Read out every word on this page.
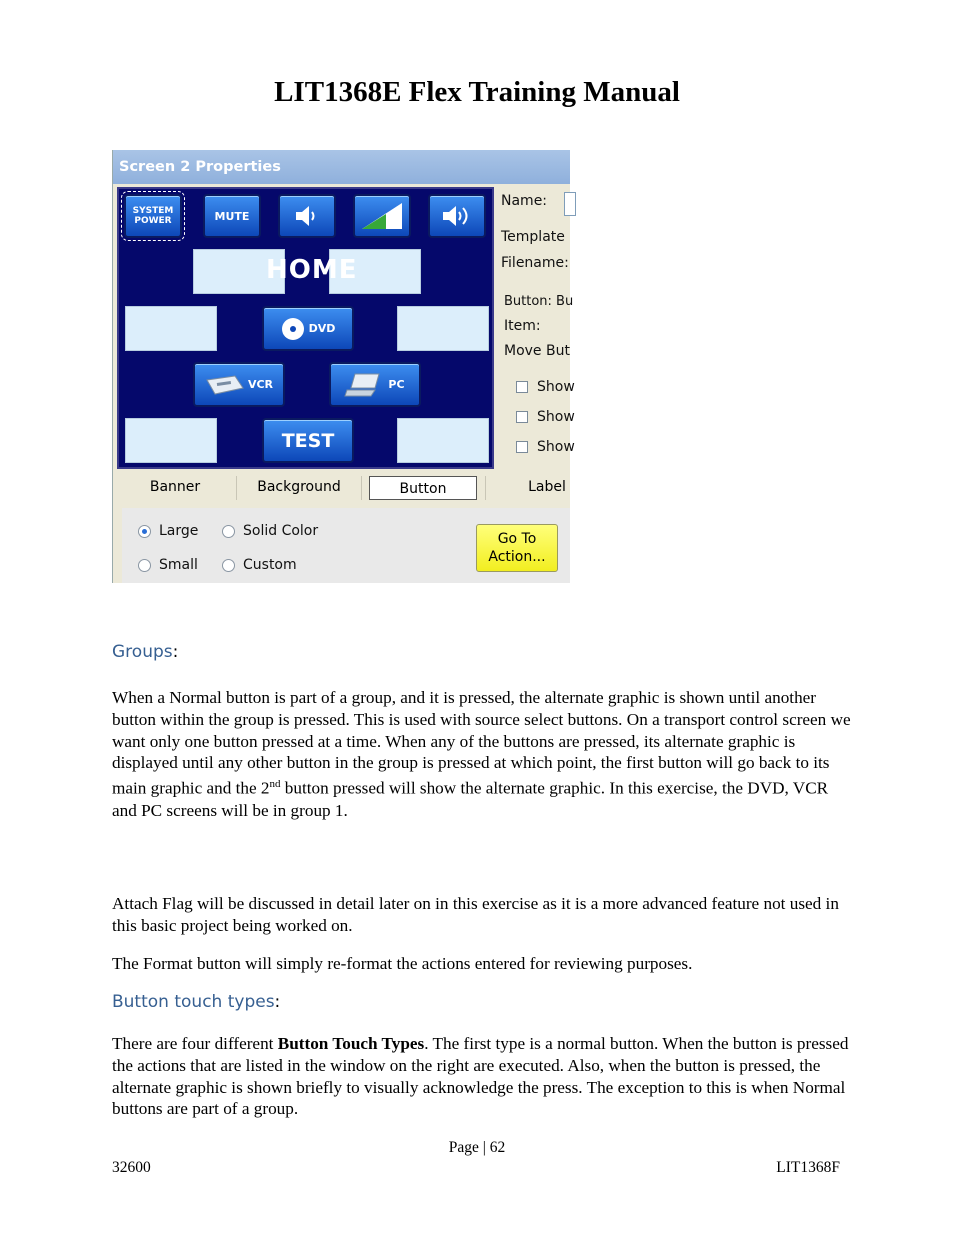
LIT1368E Flex Training Manual
Screen 2 Properties
SYSTEM POWER	MUTE
HOME
DVD
VCR	PC
TEST
Name:
Template
Filename:
Button: Bu
Item:
Move But
Show
Show
Show
Banner	Background	Button	Label
Large	Solid Color
Small	Custom
Go To
Action...
Groups:

When a Normal button is part of a group, and it is pressed, the alternate graphic is shown until another button within the group is pressed. This is used with source select buttons. On a transport control screen we want only one button pressed at a time. When any of the buttons are pressed, its alternate graphic is displayed until any other button in the group is pressed at which point, the first button will go back to its main graphic and the 2nd button pressed will show the alternate graphic. In this exercise, the DVD, VCR and PC screens will be in group 1.

Attach Flag will be discussed in detail later on in this exercise as it is a more advanced feature not used in this basic project being worked on.

The Format button will simply re-format the actions entered for reviewing purposes.

Button touch types:

There are four different Button Touch Types. The first type is a normal button. When the button is pressed the actions that are listed in the window on the right are executed. Also, when the button is pressed, the alternate graphic is shown briefly to visually acknowledge the press. The exception to this is when Normal buttons are part of a group.

Page | 62
32600	LIT1368F
